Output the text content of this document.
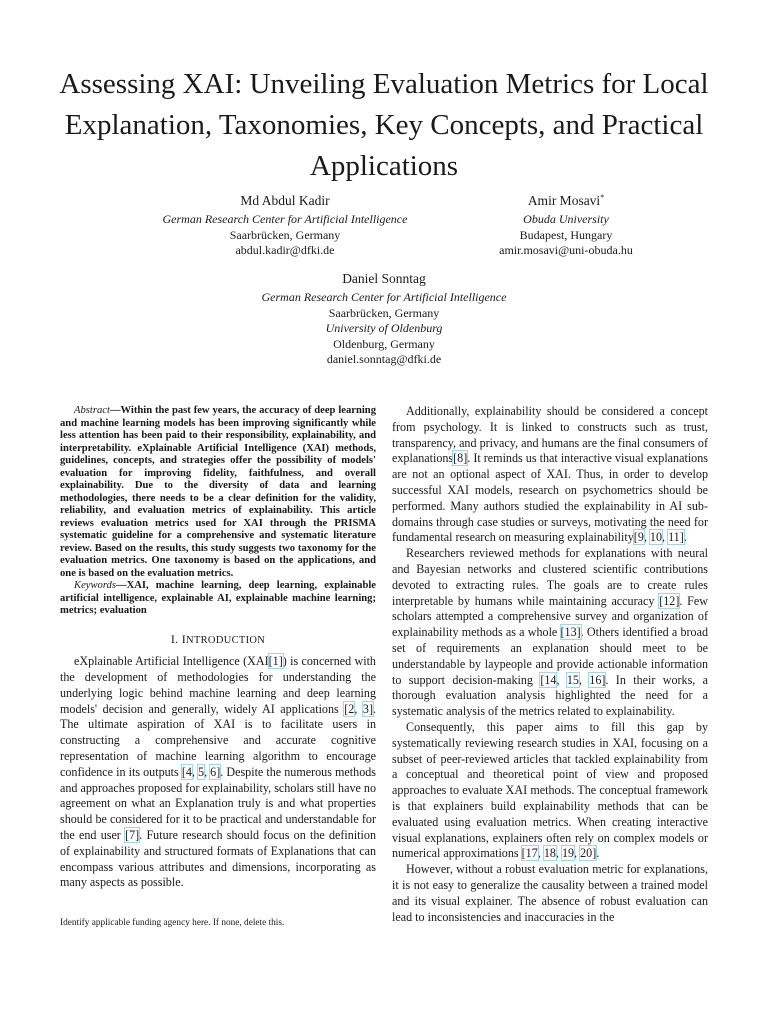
Assessing XAI: Unveiling Evaluation Metrics for Local Explanation, Taxonomies, Key Concepts, and Practical Applications
Md Abdul Kadir
German Research Center for Artificial Intelligence
Saarbrücken, Germany
abdul.kadir@dfki.de
Amir Mosavi*
Obuda University
Budapest, Hungary
amir.mosavi@uni-obuda.hu
Daniel Sonntag
German Research Center for Artificial Intelligence
Saarbrücken, Germany
University of Oldenburg
Oldenburg, Germany
daniel.sonntag@dfki.de

Abstract—Within the past few years, the accuracy of deep learning and machine learning models has been improving significantly while less attention has been paid to their responsibility, explainability, and interpretability. eXplainable Artificial Intelligence (XAI) methods, guidelines, concepts, and strategies offer the possibility of models' evaluation for improving fidelity, faithfulness, and overall explainability. Due to the diversity of data and learning methodologies, there needs to be a clear definition for the validity, reliability, and evaluation metrics of explainability. This article reviews evaluation metrics used for XAI through the PRISMA systematic guideline for a comprehensive and systematic literature review. Based on the results, this study suggests two taxonomy for the evaluation metrics. One taxonomy is based on the applications, and one is based on the evaluation metrics.

Keywords—XAI, machine learning, deep learning, explainable artificial intelligence, explainable AI, explainable machine learning; metrics; evaluation

I. INTRODUCTION

eXplainable Artificial Intelligence (XAI[1]) is concerned with the development of methodologies for understanding the underlying logic behind machine learning and deep learning models' decision and generally, widely AI applications [2, 3]. The ultimate aspiration of XAI is to facilitate users in constructing a comprehensive and accurate cognitive representation of machine learning algorithm to encourage confidence in its outputs [4, 5, 6]. Despite the numerous methods and approaches proposed for explainability, scholars still have no agreement on what an Explanation truly is and what properties should be considered for it to be practical and understandable for the end user [7]. Future research should focus on the definition of explainability and structured formats of Explanations that can encompass various attributes and dimensions, incorporating as many aspects as possible.

Identify applicable funding agency here. If none, delete this.

Additionally, explainability should be considered a concept from psychology. It is linked to constructs such as trust, transparency, and privacy, and humans are the final consumers of explanations[8]. It reminds us that interactive visual explanations are not an optional aspect of XAI. Thus, in order to develop successful XAI models, research on psychometrics should be performed. Many authors studied the explainability in AI sub-domains through case studies or surveys, motivating the need for fundamental research on measuring explainability[9, 10, 11].

Researchers reviewed methods for explanations with neural and Bayesian networks and clustered scientific contributions devoted to extracting rules. The goals are to create rules interpretable by humans while maintaining accuracy [12]. Few scholars attempted a comprehensive survey and organization of explainability methods as a whole [13]. Others identified a broad set of requirements an explanation should meet to be understandable by laypeople and provide actionable information to support decision-making [14, 15, 16]. In their works, a thorough evaluation analysis highlighted the need for a systematic analysis of the metrics related to explainability.

Consequently, this paper aims to fill this gap by systematically reviewing research studies in XAI, focusing on a subset of peer-reviewed articles that tackled explainability from a conceptual and theoretical point of view and proposed approaches to evaluate XAI methods. The conceptual framework is that explainers build explainability methods that can be evaluated using evaluation metrics. When creating interactive visual explanations, explainers often rely on complex models or numerical approximations [17, 18, 19, 20].

However, without a robust evaluation metric for explanations, it is not easy to generalize the causality between a trained model and its visual explainer. The absence of robust evaluation can lead to inconsistencies and inaccuracies in the
